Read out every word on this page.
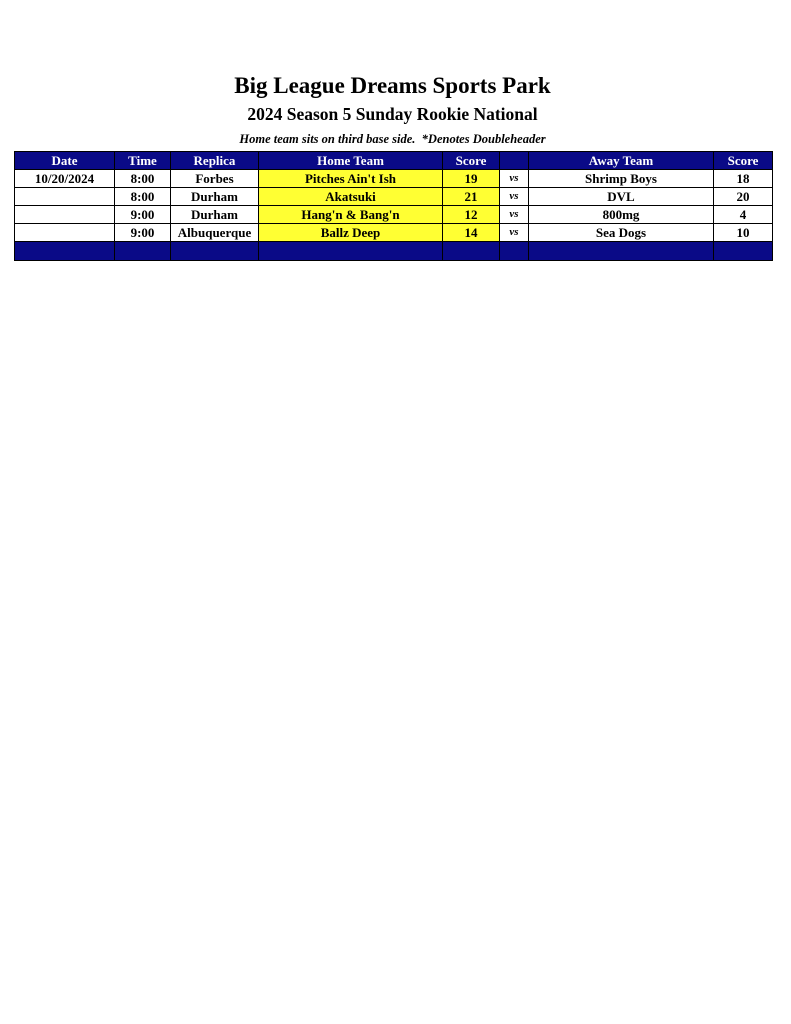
Big League Dreams Sports Park
2024 Season 5 Sunday Rookie National
Home team sits on third base side.  *Denotes Doubleheader
Date	Time	Replica	Home Team	Score		Away Team	Score
10/20/2024	8:00	Forbes	Pitches Ain't Ish	19	vs	Shrimp Boys	18
	8:00	Durham	Akatsuki	21	vs	DVL	20
	9:00	Durham	Hang'n & Bang'n	12	vs	800mg	4
	9:00	Albuquerque	Ballz Deep	14	vs	Sea Dogs	10
